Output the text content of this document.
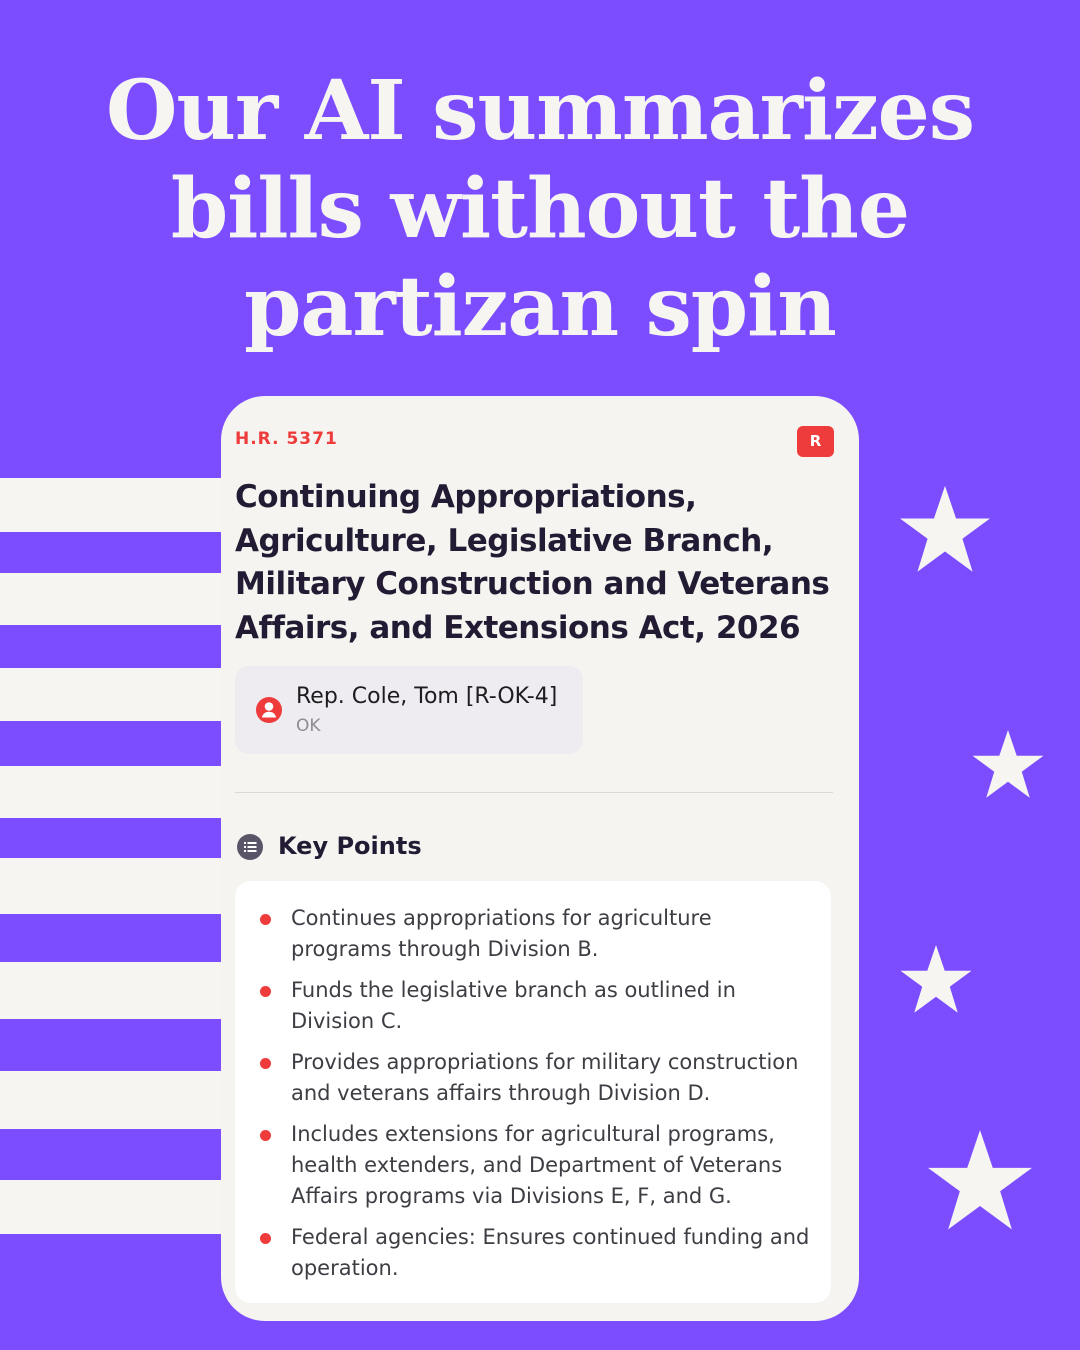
Our AI summarizes
bills without the
partizan spin
H.R. 5371	R
Continuing Appropriations, Agriculture, Legislative Branch, Military Construction and Veterans Affairs, and Extensions Act, 2026
Rep. Cole, Tom [R-OK-4]
OK
Key Points
Continues appropriations for agriculture programs through Division B.
Funds the legislative branch as outlined in Division C.
Provides appropriations for military construction and veterans affairs through Division D.
Includes extensions for agricultural programs, health extenders, and Department of Veterans Affairs programs via Divisions E, F, and G.
Federal agencies: Ensures continued funding and operation.
